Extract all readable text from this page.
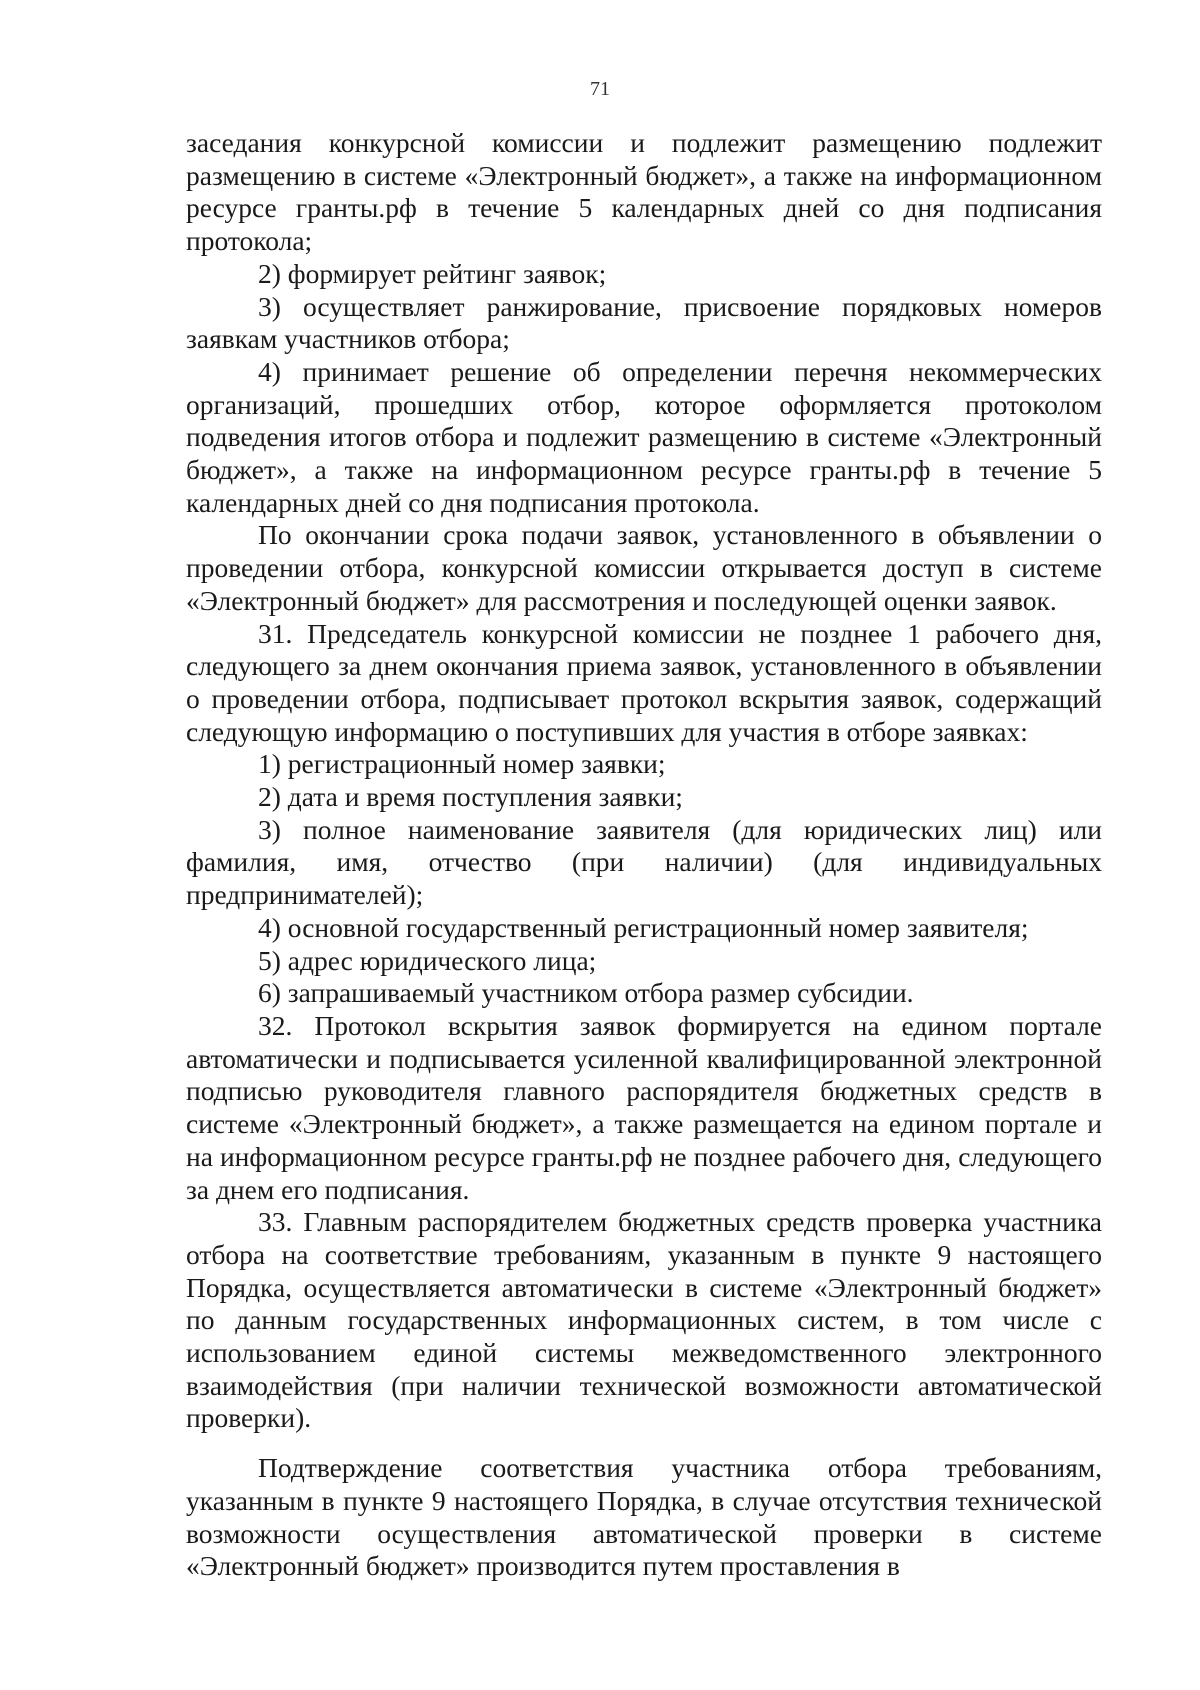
71

заседания конкурсной комиссии и подлежит размещению подлежит размещению в системе «Электронный бюджет», а также на информационном ресурсе гранты.рф в течение 5 календарных дней со дня подписания протокола;

2) формирует рейтинг заявок;

3) осуществляет ранжирование, присвоение порядковых номеров заявкам участников отбора;

4) принимает решение об определении перечня некоммерческих организаций, прошедших отбор, которое оформляется протоколом подведения итогов отбора и подлежит размещению в системе «Электронный бюджет», а также на информационном ресурсе гранты.рф в течение 5 календарных дней со дня подписания протокола.

По окончании срока подачи заявок, установленного в объявлении о проведении отбора, конкурсной комиссии открывается доступ в системе «Электронный бюджет» для рассмотрения и последующей оценки заявок.

31. Председатель конкурсной комиссии не позднее 1 рабочего дня, следующего за днем окончания приема заявок, установленного в объявлении о проведении отбора, подписывает протокол вскрытия заявок, содержащий следующую информацию о поступивших для участия в отборе заявках:

1) регистрационный номер заявки;

2) дата и время поступления заявки;

3) полное наименование заявителя (для юридических лиц) или фамилия, имя, отчество (при наличии) (для индивидуальных предпринимателей);

4) основной государственный регистрационный номер заявителя;

5) адрес юридического лица;

6) запрашиваемый участником отбора размер субсидии.

32. Протокол вскрытия заявок формируется на едином портале автоматически и подписывается усиленной квалифицированной электронной подписью руководителя главного распорядителя бюджетных средств в системе «Электронный бюджет», а также размещается на едином портале и на информационном ресурсе гранты.рф не позднее рабочего дня, следующего за днем его подписания.

33. Главным распорядителем бюджетных средств проверка участника отбора на соответствие требованиям, указанным в пункте 9 настоящего Порядка, осуществляется автоматически в системе «Электронный бюджет» по данным государственных информационных систем, в том числе с использованием единой системы межведомственного электронного взаимодействия (при наличии технической возможности автоматической проверки).

Подтверждение соответствия участника отбора требованиям, указанным в пункте 9 настоящего Порядка, в случае отсутствия технической возможности осуществления автоматической проверки в системе «Электронный бюджет» производится путем проставления в
